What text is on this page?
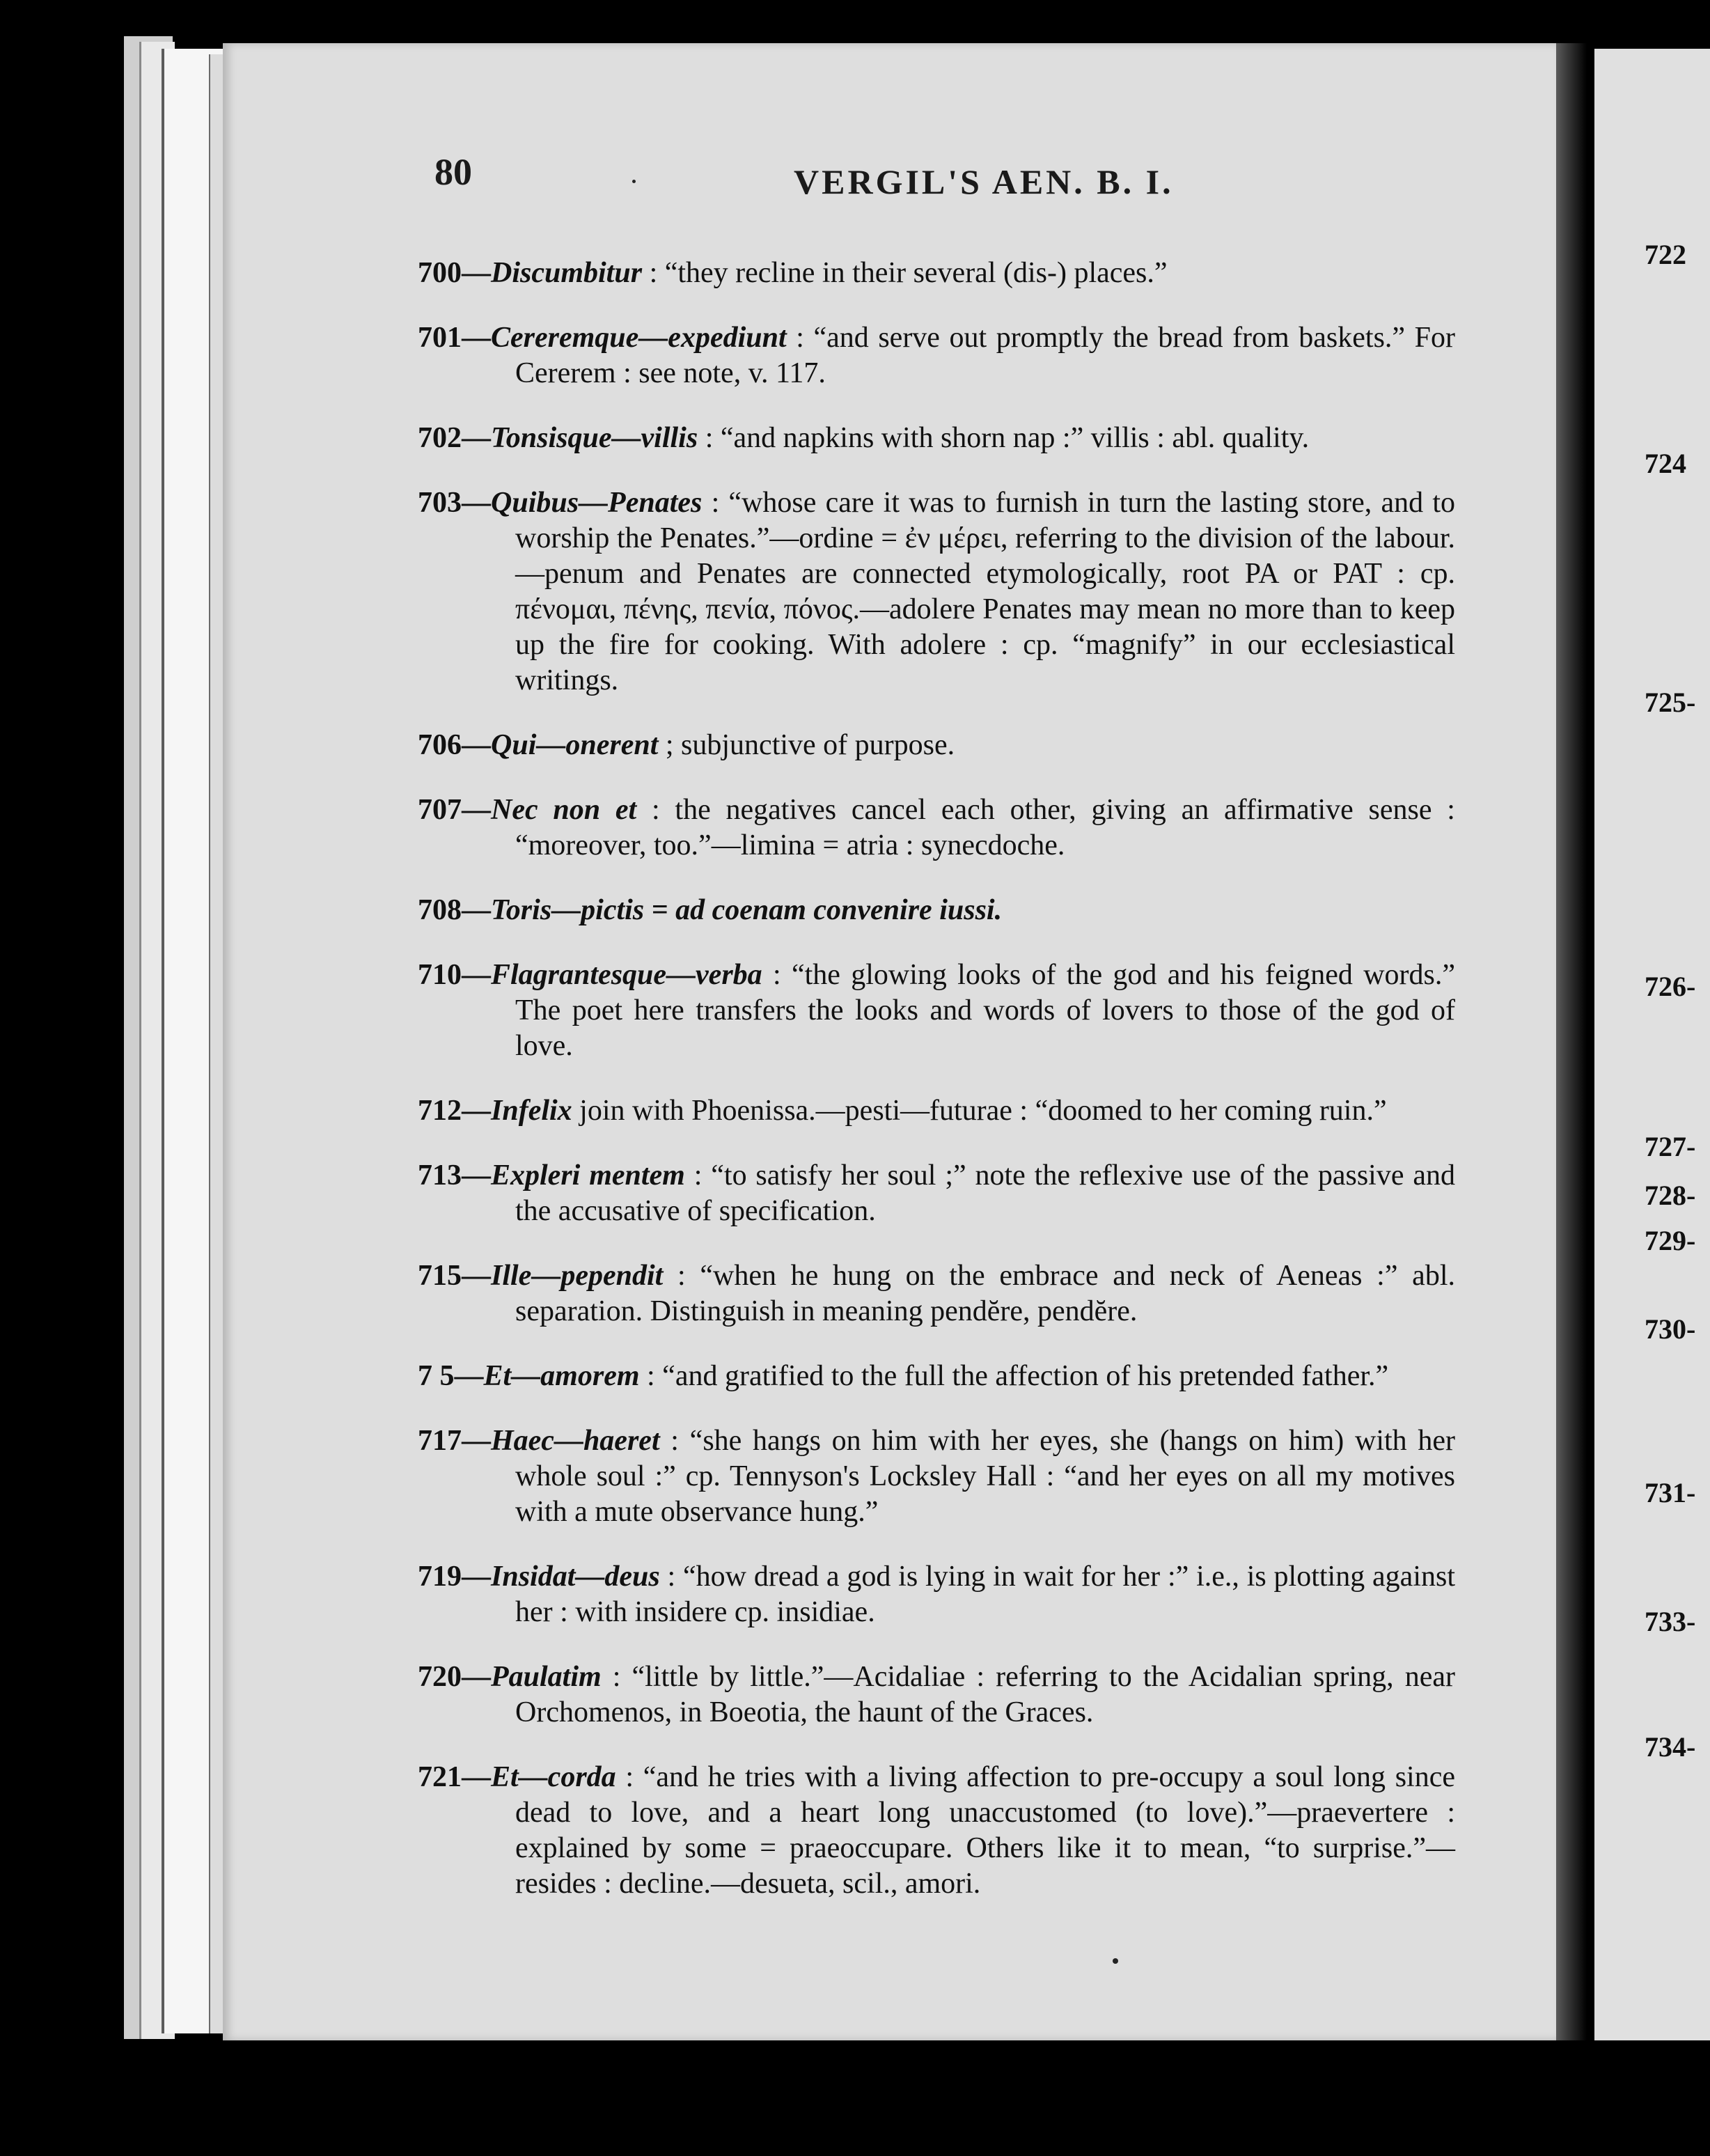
80	VERGIL'S AEN. B. I.

700—Discumbitur : “they recline in their several (dis-) places.”

701—Cereremque—expediunt : “and serve out promptly the bread from baskets.” For Cererem : see note, v. 117.

702—Tonsisque—villis : “and napkins with shorn nap :” villis : abl. quality.

703—Quibus—Penates : “whose care it was to furnish in turn the lasting store, and to worship the Penates.”—ordine = ἐν μέρει, referring to the division of the labour.—penum and Penates are connected etymologically, root PA or PAT : cp. πένομαι, πένης, πενία, πόνος.—adolere Penates may mean no more than to keep up the fire for cooking. With adolere : cp. “magnify” in our ecclesiastical writings.

706—Qui—onerent ; subjunctive of purpose.

707—Nec non et : the negatives cancel each other, giving an affirmative sense : “moreover, too.”—limina = atria : synecdoche.

708—Toris—pictis = ad coenam convenire iussi.

710—Flagrantesque—verba : “the glowing looks of the god and his feigned words.” The poet here transfers the looks and words of lovers to those of the god of love.

712—Infelix join with Phoenissa.—pesti—futurae : “doomed to her coming ruin.”

713—Expleri mentem : “to satisfy her soul ;” note the reflexive use of the passive and the accusative of specification.

715—Ille—pependit : “when he hung on the embrace and neck of Aeneas :” abl. separation. Distinguish in meaning pendĕre, pendĕre.

7 5—Et—amorem : “and gratified to the full the affection of his pretended father.”

717—Haec—haeret : “she hangs on him with her eyes, she (hangs on him) with her whole soul :” cp. Tennyson's Locksley Hall : “and her eyes on all my motives with a mute observance hung.”

719—Insidat—deus : “how dread a god is lying in wait for her :” i.e., is plotting against her : with insidere cp. insidiae.

720—Paulatim : “little by little.”—Acidaliae : referring to the Acidalian spring, near Orchomenos, in Boeotia, the haunt of the Graces.

721—Et—corda : “and he tries with a living affection to pre-occupy a soul long since dead to love, and a heart long unaccustomed (to love).”—praevertere : explained by some = praeoccupare. Others like it to mean, “to surprise.”—resides : decline.—desueta, scil., amori.

722
724
725-
726-
727-
728-
729-
730-
731-
733-
734-
